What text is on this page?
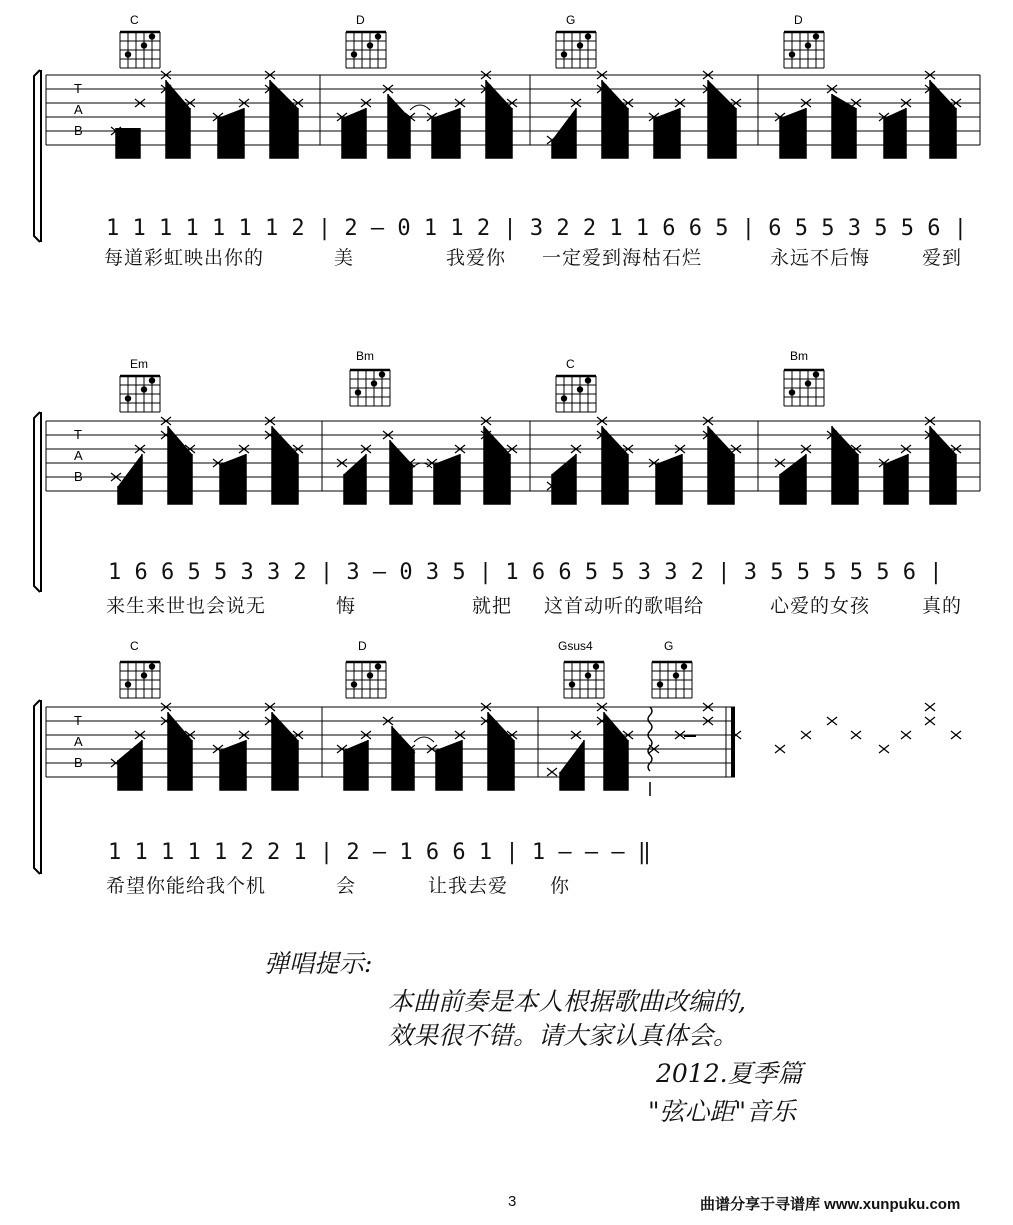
T
A
B
C	D	G	D
1 1 1 1 1 1 1 2 | 2 – 0 1 1 2 | 3 2 2 1 1 6 6 5 | 6 5 5 3 5 5 6 |
每道彩虹映出你的	美	我爱你 一定爱到海枯石烂	永远不后悔	爱到
T
A
B
Em
Bm
C
Bm
1 6 6 5 5 3 3 2 | 3 – 0 3 5 | 1 6 6 5 5 3 3 2 | 3 5 5 5 5 5 6 |
来生来世也会说无	悔	就把 这首动听的歌唱给	心爱的女孩	真的
T
A
B
C	D	Gsus4	G
1 1 1 1 1 2 2 1 | 2 – 1 6 6 1 | 1 – – – ‖
希望你能给我个机	会	让我去爱 你
弹唱提示:
本曲前奏是本人根据歌曲改编的,
效果很不错。请大家认真体会。
2012.夏季篇
"弦心距"音乐
3	曲谱分享于寻谱库 www.xunpuku.com
